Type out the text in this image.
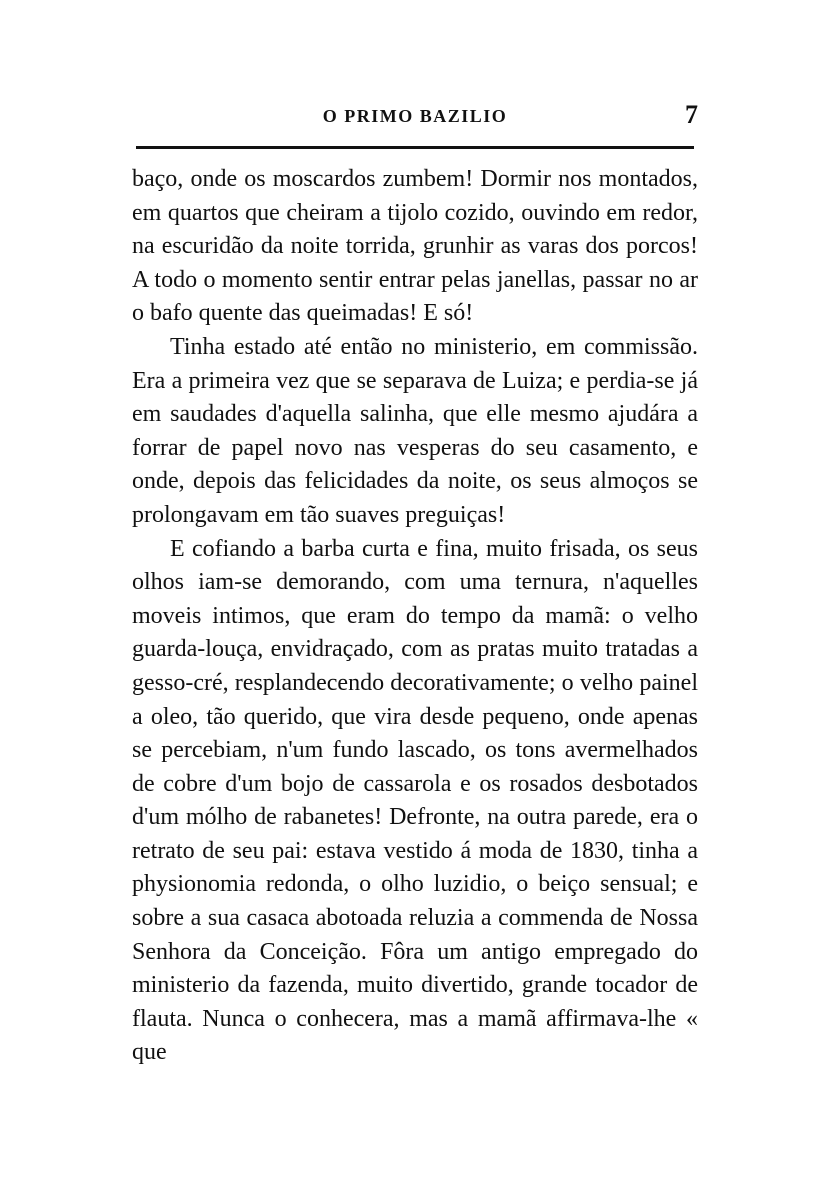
O PRIMO BAZILIO	7

baço, onde os moscardos zumbem! Dormir nos montados, em quartos que cheiram a tijolo cozido, ouvindo em redor, na escuridão da noite torrida, grunhir as varas dos porcos! A todo o momento sentir entrar pelas janellas, passar no ar o bafo quente das queimadas! E só!

Tinha estado até então no ministerio, em commissão. Era a primeira vez que se separava de Luiza; e perdia-se já em saudades d'aquella salinha, que elle mesmo ajudára a forrar de papel novo nas vesperas do seu casamento, e onde, depois das felicidades da noite, os seus almoços se prolongavam em tão suaves preguiças!

E cofiando a barba curta e fina, muito frisada, os seus olhos iam-se demorando, com uma ternura, n'aquelles moveis intimos, que eram do tempo da mamã: o velho guarda-louça, envidraçado, com as pratas muito tratadas a gesso-cré, resplandecendo decorativamente; o velho painel a oleo, tão querido, que vira desde pequeno, onde apenas se percebiam, n'um fundo lascado, os tons avermelhados de cobre d'um bojo de cassarola e os rosados desbotados d'um mólho de rabanetes! Defronte, na outra parede, era o retrato de seu pai: estava vestido á moda de 1830, tinha a physionomia redonda, o olho luzidio, o beiço sensual; e sobre a sua casaca abotoada reluzia a commenda de Nossa Senhora da Conceição. Fôra um antigo empregado do ministerio da fazenda, muito divertido, grande tocador de flauta. Nunca o conhecera, mas a mamã affirmava-lhe « que
